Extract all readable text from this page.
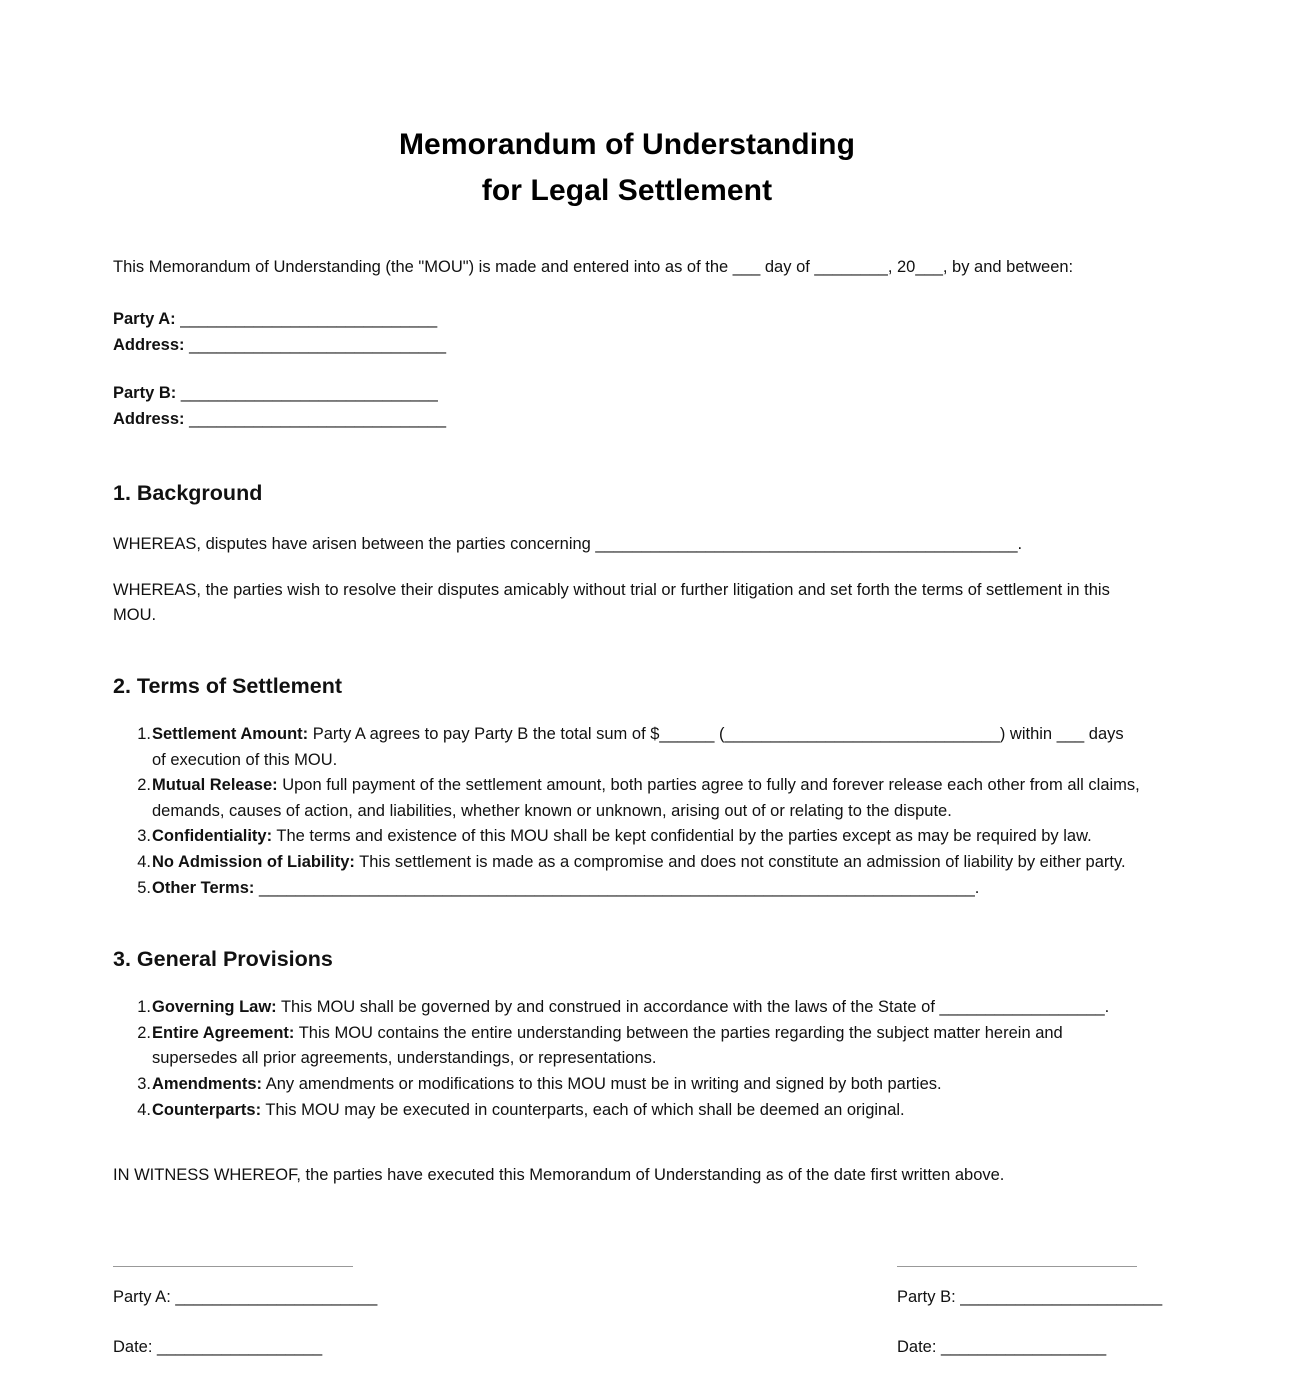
Memorandum of Understanding
for Legal Settlement

This Memorandum of Understanding (the "MOU") is made and entered into as of the ___ day of ________, 20___, by and between:

Party A: ____________________________
Address: ____________________________
Party B: ____________________________
Address: ____________________________
1. Background

WHEREAS, disputes have arisen between the parties concerning ______________________________________________.

WHEREAS, the parties wish to resolve their disputes amicably without trial or further litigation and set forth the terms of settlement in this MOU.

2. Terms of Settlement
Settlement Amount: Party A agrees to pay Party B the total sum of $______ (______________________________) within ___ days of execution of this MOU.
Mutual Release: Upon full payment of the settlement amount, both parties agree to fully and forever release each other from all claims, demands, causes of action, and liabilities, whether known or unknown, arising out of or relating to the dispute.
Confidentiality: The terms and existence of this MOU shall be kept confidential by the parties except as may be required by law.
No Admission of Liability: This settlement is made as a compromise and does not constitute an admission of liability by either party.
Other Terms: ______________________________________________________________________________.
3. General Provisions
Governing Law: This MOU shall be governed by and construed in accordance with the laws of the State of __________________.
Entire Agreement: This MOU contains the entire understanding between the parties regarding the subject matter herein and supersedes all prior agreements, understandings, or representations.
Amendments: Any amendments or modifications to this MOU must be in writing and signed by both parties.
Counterparts: This MOU may be executed in counterparts, each of which shall be deemed an original.

IN WITNESS WHEREOF, the parties have executed this Memorandum of Understanding as of the date first written above.

Party A: ______________________
Date: __________________
Party B: ______________________
Date: __________________
